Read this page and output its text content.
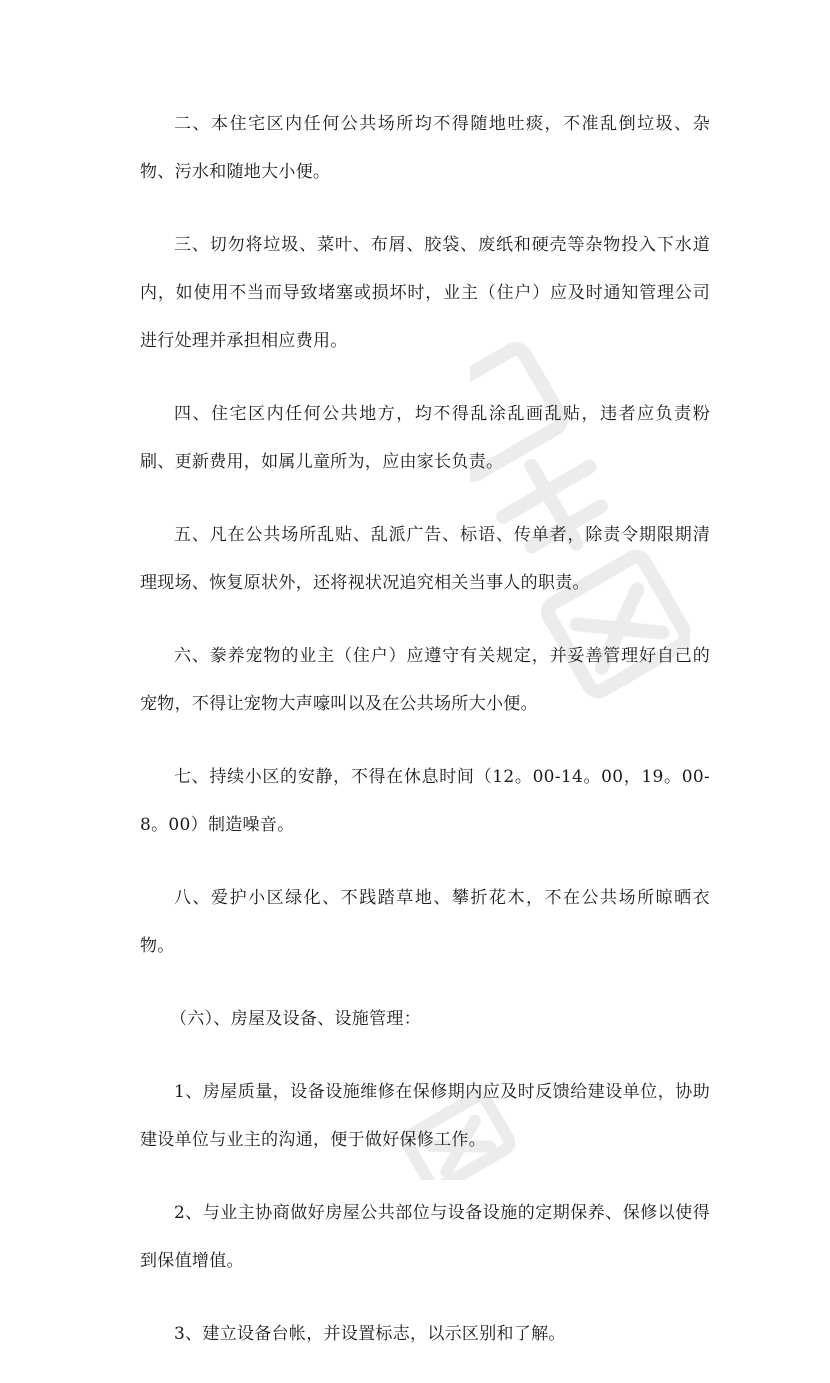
二、本住宅区内任何公共场所均不得随地吐痰，不准乱倒垃圾、杂物、污水和随地大小便。

三、切勿将垃圾、菜叶、布屑、胶袋、废纸和硬壳等杂物投入下水道内，如使用不当而导致堵塞或损坏时，业主（住户）应及时通知管理公司进行处理并承担相应费用。

四、住宅区内任何公共地方，均不得乱涂乱画乱贴，违者应负责粉刷、更新费用，如属儿童所为，应由家长负责。

五、凡在公共场所乱贴、乱派广告、标语、传单者，除责令期限期清理现场、恢复原状外，还将视状况追究相关当事人的职责。

六、豢养宠物的业主（住户）应遵守有关规定，并妥善管理好自己的宠物，不得让宠物大声嚎叫以及在公共场所大小便。

七、持续小区的安静，不得在休息时间（12。00-14。00，19。00-8。00）制造噪音。

八、爱护小区绿化、不践踏草地、攀折花木，不在公共场所晾晒衣物。

（六）、房屋及设备、设施管理：

1、房屋质量，设备设施维修在保修期内应及时反馈给建设单位，协助建设单位与业主的沟通，便于做好保修工作。

2、与业主协商做好房屋公共部位与设备设施的定期保养、保修以使得到保值增值。

3、建立设备台帐，并设置标志，以示区别和了解。
